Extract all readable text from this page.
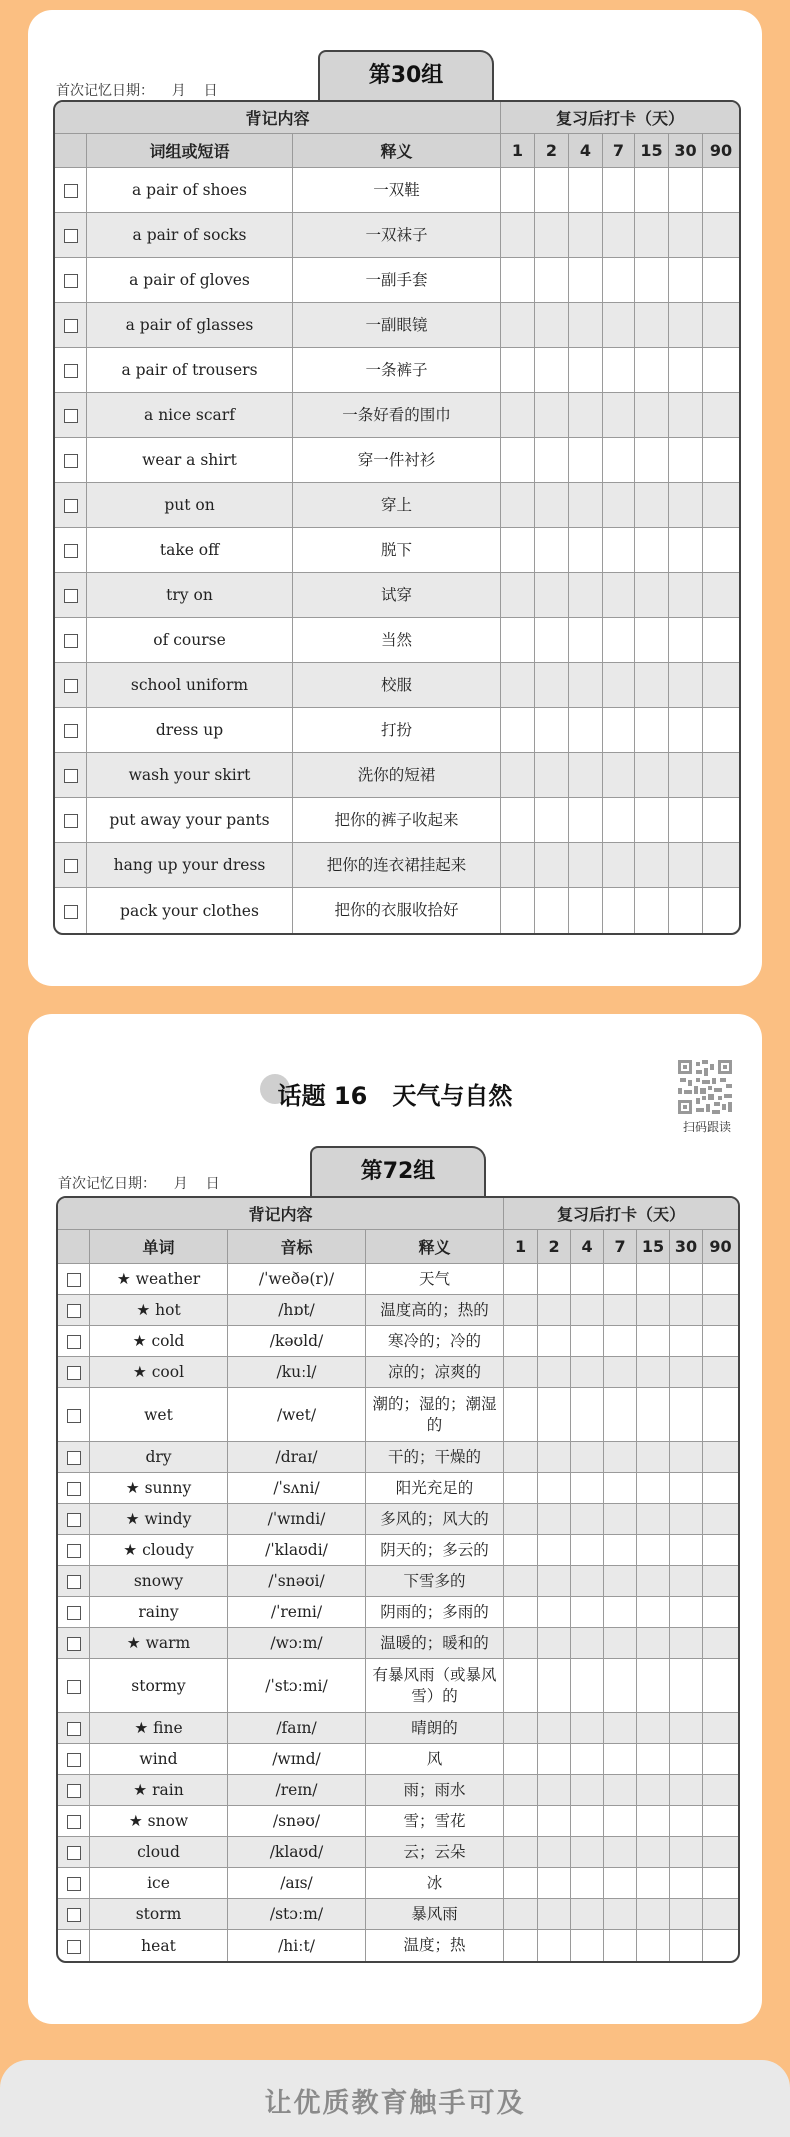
首次记忆日期：    月    日
第30组
背记内容			复习后打卡（天）						
	词组或短语	释义	1	2	4	7	15	30	90
	a pair of shoes	一双鞋							
	a pair of socks	一双袜子							
	a pair of gloves	一副手套							
	a pair of glasses	一副眼镜							
	a pair of trousers	一条裤子							
	a nice scarf	一条好看的围巾							
	wear a shirt	穿一件衬衫							
	put on	穿上							
	take off	脱下							
	try on	试穿							
	of course	当然							
	school uniform	校服							
	dress up	打扮							
	wash your skirt	洗你的短裙							
	put away your pants	把你的裤子收起来							
	hang up your dress	把你的连衣裙挂起来							
	pack your clothes	把你的衣服收拾好							
话题 16   天气与自然
扫码跟读
首次记忆日期：    月    日	第72组
背记内容				复习后打卡（天）						
	单词	音标	释义	1	2	4	7	15	30	90
	★ weather	/ˈweðə(r)/	天气							
	★ hot	/hɒt/	温度高的；热的							
	★ cold	/kəʊld/	寒冷的；冷的							
	★ cool	/kuːl/	凉的；凉爽的							
	wet	/wet/	潮的；湿的；潮湿的							
	dry	/draɪ/	干的；干燥的							
	★ sunny	/ˈsʌni/	阳光充足的							
	★ windy	/ˈwɪndi/	多风的；风大的							
	★ cloudy	/ˈklaʊdi/	阴天的；多云的							
	snowy	/ˈsnəʊi/	下雪多的							
	rainy	/ˈreɪni/	阴雨的；多雨的							
	★ warm	/wɔːm/	温暖的；暖和的							
	stormy	/ˈstɔːmi/	有暴风雨（或暴风雪）的							
	★ fine	/faɪn/	晴朗的							
	wind	/wɪnd/	风							
	★ rain	/reɪn/	雨；雨水							
	★ snow	/snəʊ/	雪；雪花							
	cloud	/klaʊd/	云；云朵							
	ice	/aɪs/	冰							
	storm	/stɔːm/	暴风雨							
	heat	/hiːt/	温度；热							
让优质教育触手可及
